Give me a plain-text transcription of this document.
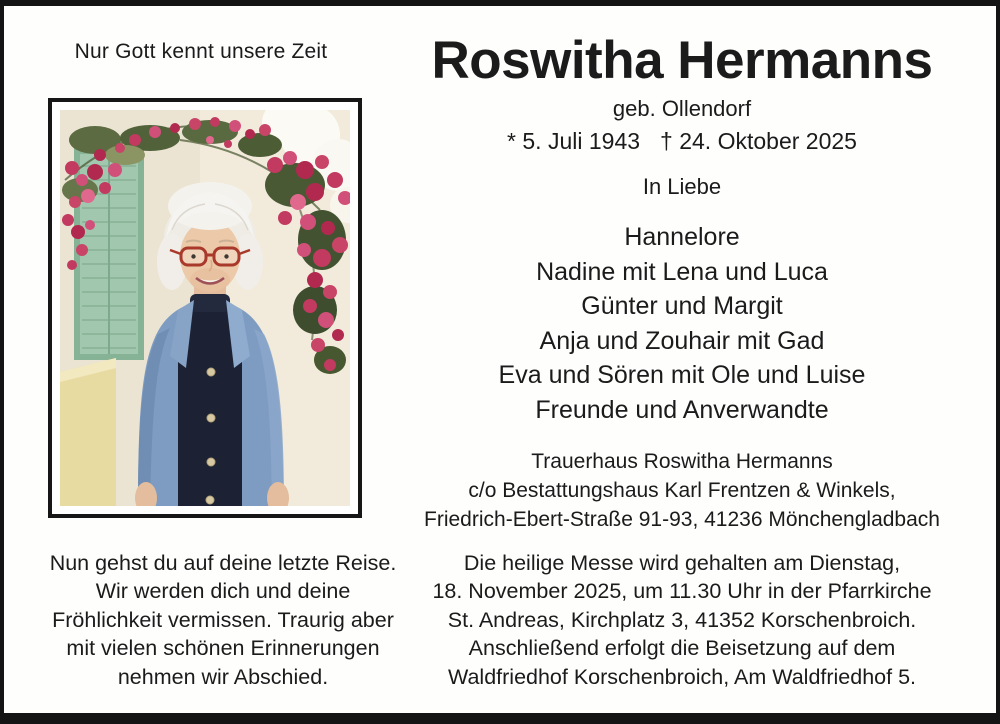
Nur Gott kennt unsere Zeit	Roswitha Hermanns
geb. Ollendorf
* 5. Juli 1943 † 24. Oktober 2025
In Liebe
Hannelore
Nadine mit Lena und Luca
Günter und Margit
Anja und Zouhair mit Gad
Eva und Sören mit Ole und Luise
Freunde und Anverwandte
Trauerhaus Roswitha Hermanns
c/o Bestattungshaus Karl Frentzen & Winkels,
Friedrich-Ebert-Straße 91-93, 41236 Mönchengladbach
Nun gehst du auf deine letzte Reise.
Wir werden dich und deine
Fröhlichkeit vermissen. Traurig aber
mit vielen schönen Erinnerungen
nehmen wir Abschied.
Die heilige Messe wird gehalten am Dienstag,
18. November 2025, um 11.30 Uhr in der Pfarrkirche
St. Andreas, Kirchplatz 3, 41352 Korschenbroich.
Anschließend erfolgt die Beisetzung auf dem
Waldfriedhof Korschenbroich, Am Waldfriedhof 5.
